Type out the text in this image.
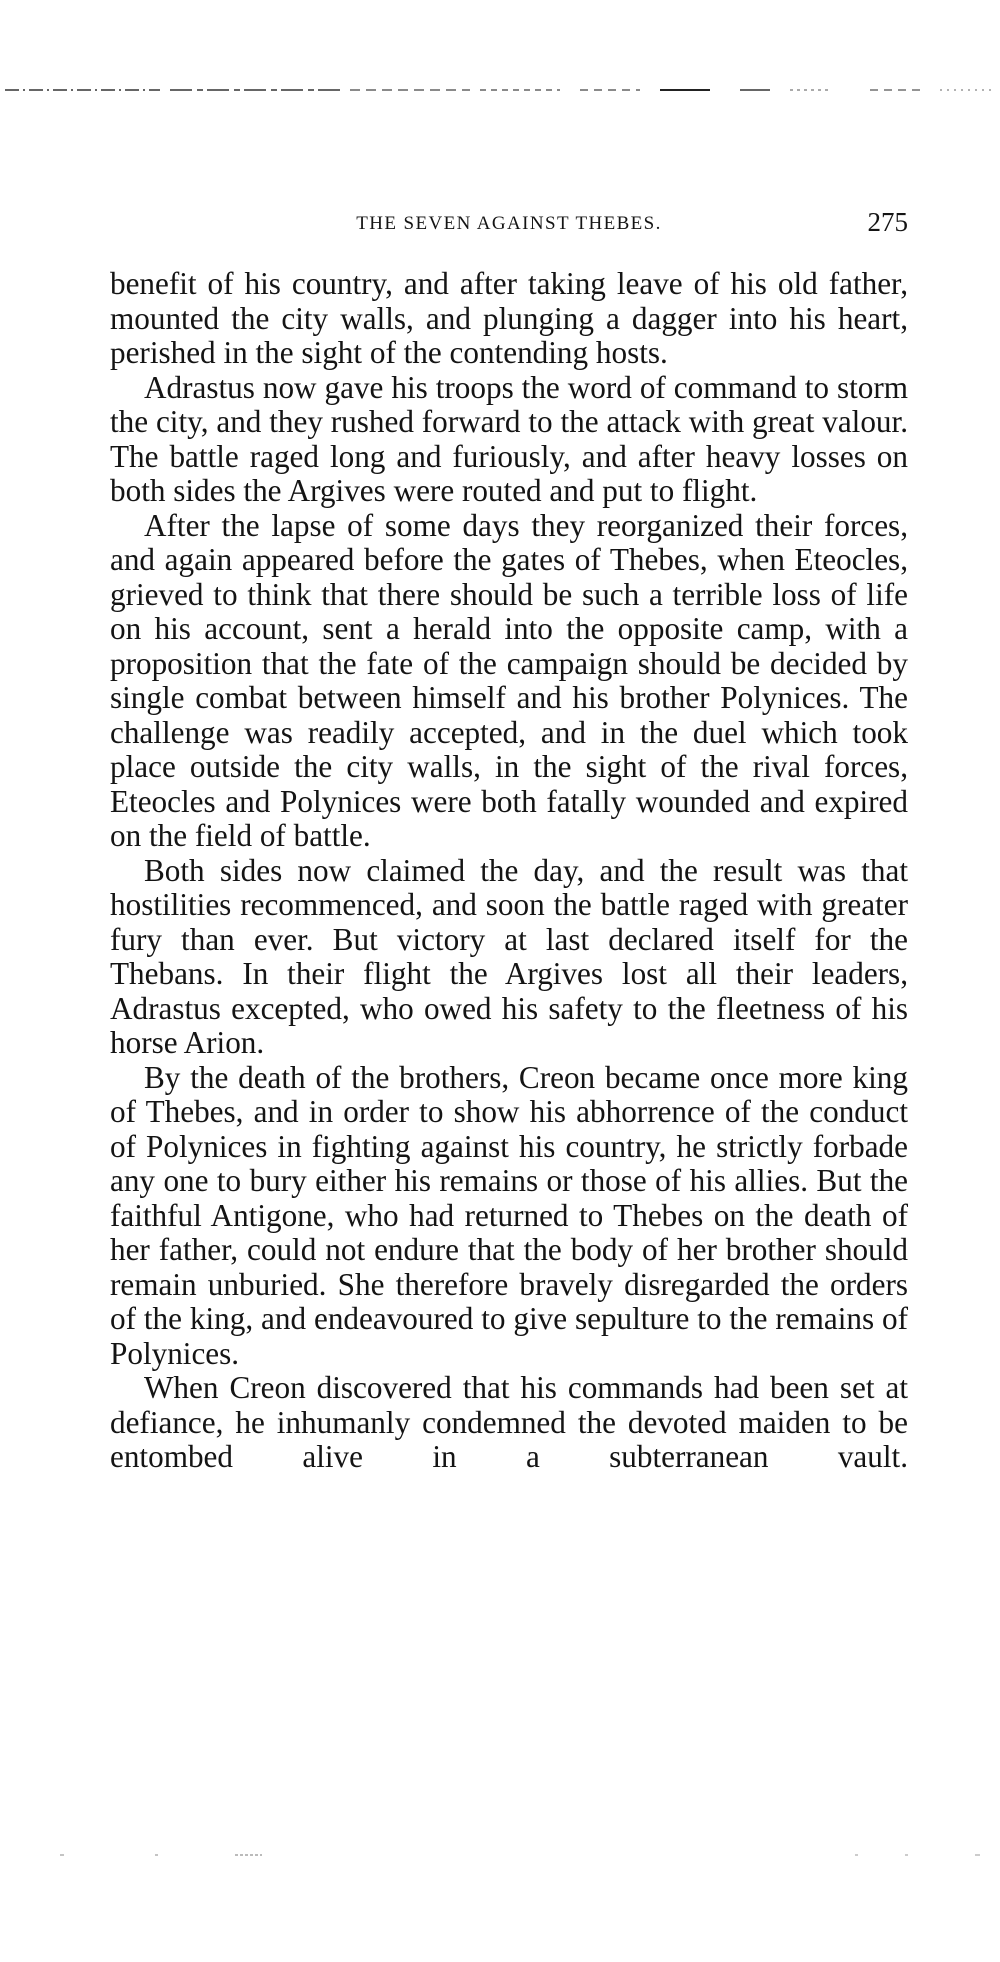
THE SEVEN AGAINST THEBES.	275

benefit of his country, and after taking leave of his old father, mounted the city walls, and plunging a dagger into his heart, perished in the sight of the contending hosts.

Adrastus now gave his troops the word of command to storm the city, and they rushed forward to the attack with great valour. The battle raged long and furiously, and after heavy losses on both sides the Argives were routed and put to flight.

After the lapse of some days they reorganized their forces, and again appeared before the gates of Thebes, when Eteocles, grieved to think that there should be such a terrible loss of life on his account, sent a herald into the opposite camp, with a proposition that the fate of the campaign should be decided by single combat between himself and his brother Polynices. The challenge was readily accepted, and in the duel which took place outside the city walls, in the sight of the rival forces, Eteocles and Polynices were both fatally wounded and expired on the field of battle.

Both sides now claimed the day, and the result was that hostilities recommenced, and soon the battle raged with greater fury than ever. But victory at last declared itself for the Thebans. In their flight the Argives lost all their leaders, Adrastus excepted, who owed his safety to the fleetness of his horse Arion.

By the death of the brothers, Creon became once more king of Thebes, and in order to show his abhorrence of the conduct of Polynices in fighting against his country, he strictly forbade any one to bury either his remains or those of his allies. But the faithful Antigone, who had returned to Thebes on the death of her father, could not endure that the body of her brother should remain unburied. She therefore bravely disregarded the orders of the king, and endeavoured to give sepulture to the remains of Polynices.

When Creon discovered that his commands had been set at defiance, he inhumanly condemned the devoted maiden to be entombed alive in a subterranean vault.
